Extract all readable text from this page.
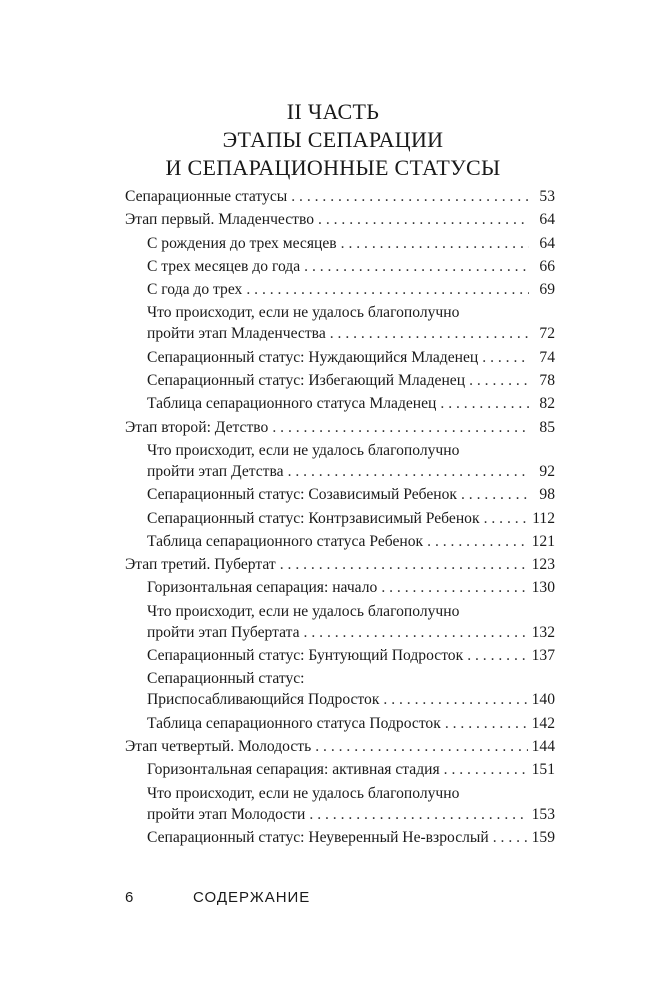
II ЧАСТЬ
ЭТАПЫ СЕПАРАЦИИ
И СЕПАРАЦИОННЫЕ СТАТУСЫ
Сепарационные статусы . . .	53
Этап первый. Младенчество . . .	64
С рождения до трех месяцев . . .	64
С трех месяцев до года . . .	66
С года до трех . . .	69
Что происходит, если не удалось благополучно
пройти этап Младенчества . . .	72
Сепарационный статус: Нуждающийся Младенец . . .	74
Сепарационный статус: Избегающий Младенец . . .	78
Таблица сепарационного статуса Младенец . . .	82
Этап второй: Детство . . .	85
Что происходит, если не удалось благополучно
пройти этап Детства . . .	92
Сепарационный статус: Созависимый Ребенок . . .	98
Сепарационный статус: Контрзависимый Ребенок . . .	112
Таблица сепарационного статуса Ребенок . . .	121
Этап третий. Пубертат . . .	123
Горизонтальная сепарация: начало . . .	130
Что происходит, если не удалось благополучно
пройти этап Пубертата . . .	132
Сепарационный статус: Бунтующий Подросток . . .	137
Сепарационный статус:
Приспосабливающийся Подросток . . .	140
Таблица сепарационного статуса Подросток . . .	142
Этап четвертый. Молодость . . .	144
Горизонтальная сепарация: активная стадия . . .	151
Что происходит, если не удалось благополучно
пройти этап Молодости . . .	153
Сепарационный статус: Неуверенный Не-взрослый . . .	159
6	СОДЕРЖАНИЕ
